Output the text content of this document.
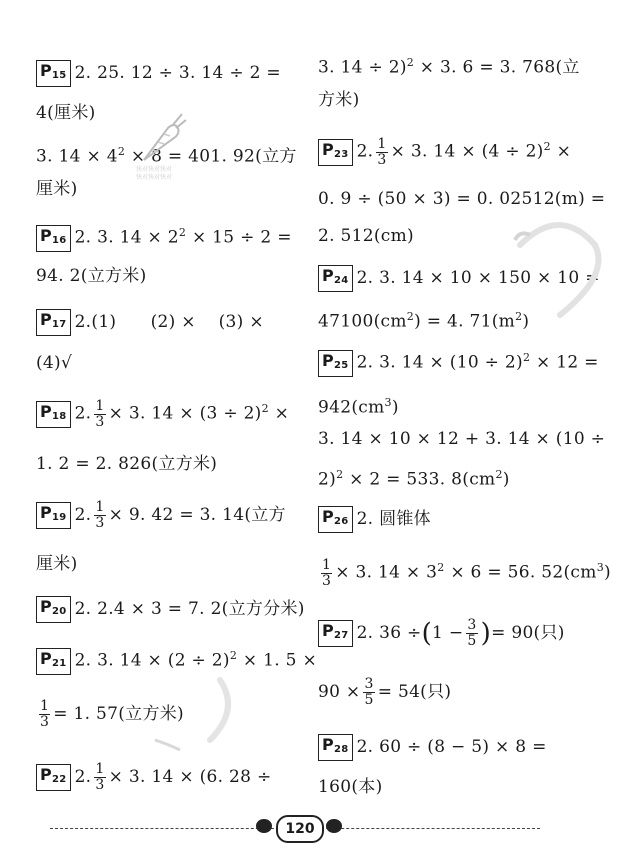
$P_{15}$ 2. 25. 12 ÷ 3. 14 ÷ 2 =
4(厘米)
3. $14 \times 4^2 \times 8 = 401$. 92(立方
厘米)
$P_{16}$ 2. 3. $14 \times 2^2 \times 15 \div 2$ =
94. 2(立方米)
$P_{17}$ 2.(1)      (2) ×    (3) ×
(4)√
$P_{18}$ 2. $\frac{1}{3} \times 3$. $14 \times (3 \div 2)^2$ ×
1. 2 = 2. 826(立方米)
$P_{19}$ 2. $\frac{1}{3} \times 9$. 42 = 3. 14(立方
厘米)
$P_{20}$ 2. 2.4 × 3 = 7. 2(立方分米)
$P_{21}$ 2. 3. $14 \times (2 \div 2)^2 \times 1$. 5 ×
$\frac{1}{3} = 1$. 57(立方米)
$P_{22}$ 2. $\frac{1}{3} \times 3$. 14 × (6. 28 ÷
快对快对快对
快对快对快对
3. 14 ÷ 2)$^2$ × 3. 6 = 3. 768(立
方米)
$P_{23}$ 2. $\frac{1}{3} \times 3$. $14 \times (4 \div 2)^2$ ×
0. 9 ÷ (50 × 3) = 0. 02512(m) =
2. 512(cm)
$P_{24}$ 2. 3. 14 × 10 × 150 × 10 =
$47100(cm^2) = 4$. $71(m^2)$
$P_{25}$ 2. 3. $14 \times (10 \div 2)^2 \times 12$ =
$942(cm^3)$
3. 14 × 10 × 12 + 3. 14 × (10 ÷
2)$^2$ × 2 = 533. $8(cm^2)$
$P_{26}$ 2. 圆锥体
$\frac{1}{3} \times 3$. $14 \times 3^2 \times 6 = 56$. $52(cm^3)$
$P_{27}$ 2. $36 \div(1 - \frac{3}{5}$ )= 90(只)
$90 \times \frac{3}{5} = 54$(只)
$P_{28}$ 2. 60 ÷ (8 − 5) × 8 =
160(本)
120
